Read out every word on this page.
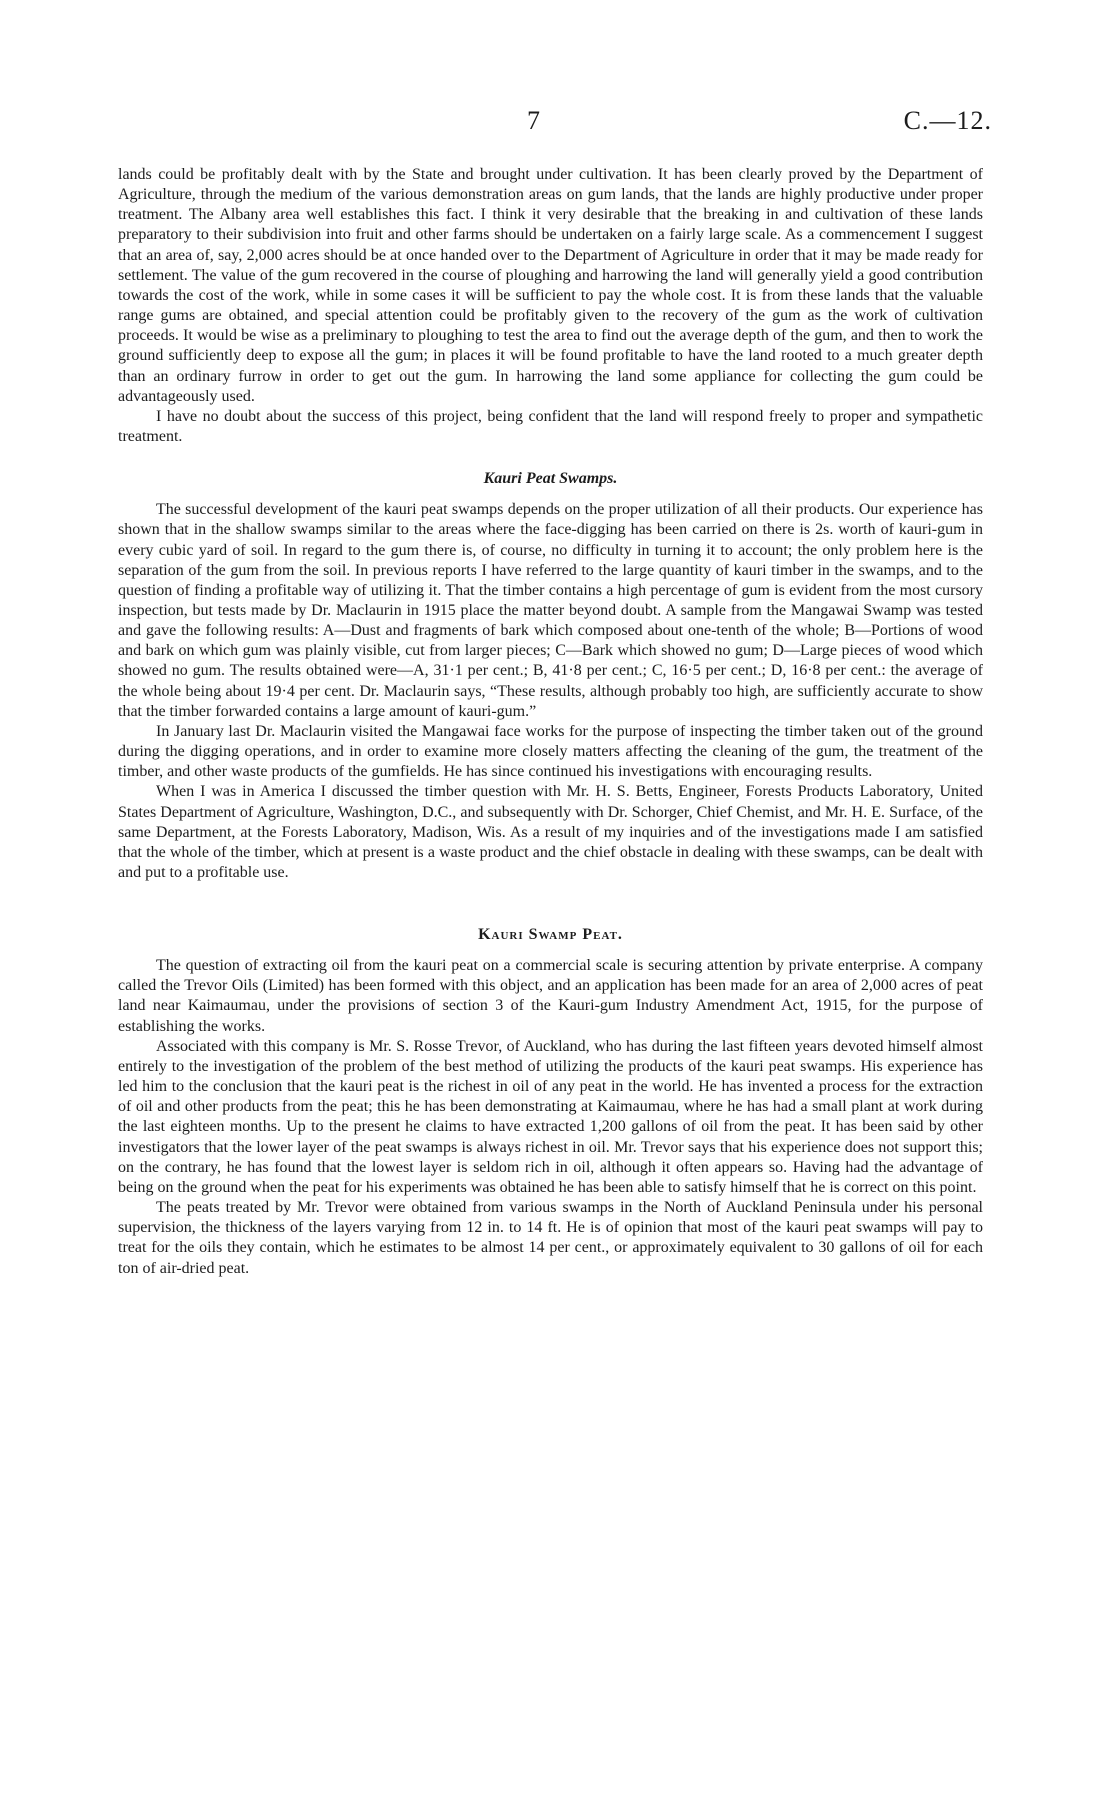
7	C.—12.

lands could be profitably dealt with by the State and brought under cultivation. It has been clearly proved by the Department of Agriculture, through the medium of the various demonstration areas on gum lands, that the lands are highly productive under proper treatment. The Albany area well establishes this fact. I think it very desirable that the breaking in and cultivation of these lands preparatory to their subdivision into fruit and other farms should be undertaken on a fairly large scale. As a commencement I suggest that an area of, say, 2,000 acres should be at once handed over to the Department of Agriculture in order that it may be made ready for settlement. The value of the gum recovered in the course of ploughing and harrowing the land will generally yield a good contribution towards the cost of the work, while in some cases it will be sufficient to pay the whole cost. It is from these lands that the valuable range gums are obtained, and special attention could be profitably given to the recovery of the gum as the work of cultivation proceeds. It would be wise as a preliminary to ploughing to test the area to find out the average depth of the gum, and then to work the ground sufficiently deep to expose all the gum; in places it will be found profitable to have the land rooted to a much greater depth than an ordinary furrow in order to get out the gum. In harrowing the land some appliance for collecting the gum could be advantageously used.

I have no doubt about the success of this project, being confident that the land will respond freely to proper and sympathetic treatment.

Kauri Peat Swamps.

The successful development of the kauri peat swamps depends on the proper utilization of all their products. Our experience has shown that in the shallow swamps similar to the areas where the face-digging has been carried on there is 2s. worth of kauri-gum in every cubic yard of soil. In regard to the gum there is, of course, no difficulty in turning it to account; the only problem here is the separation of the gum from the soil. In previous reports I have referred to the large quantity of kauri timber in the swamps, and to the question of finding a profitable way of utilizing it. That the timber contains a high percentage of gum is evident from the most cursory inspection, but tests made by Dr. Maclaurin in 1915 place the matter beyond doubt. A sample from the Mangawai Swamp was tested and gave the following results: A—Dust and fragments of bark which composed about one-tenth of the whole; B—Portions of wood and bark on which gum was plainly visible, cut from larger pieces; C—Bark which showed no gum; D—Large pieces of wood which showed no gum. The results obtained were—A, 31·1 per cent.; B, 41·8 per cent.; C, 16·5 per cent.; D, 16·8 per cent.: the average of the whole being about 19·4 per cent. Dr. Maclaurin says, “These results, although probably too high, are sufficiently accurate to show that the timber forwarded contains a large amount of kauri-gum.”

In January last Dr. Maclaurin visited the Mangawai face works for the purpose of inspecting the timber taken out of the ground during the digging operations, and in order to examine more closely matters affecting the cleaning of the gum, the treatment of the timber, and other waste products of the gumfields. He has since continued his investigations with encouraging results.

When I was in America I discussed the timber question with Mr. H. S. Betts, Engineer, Forests Products Laboratory, United States Department of Agriculture, Washington, D.C., and subsequently with Dr. Schorger, Chief Chemist, and Mr. H. E. Surface, of the same Department, at the Forests Laboratory, Madison, Wis. As a result of my inquiries and of the investigations made I am satisfied that the whole of the timber, which at present is a waste product and the chief obstacle in dealing with these swamps, can be dealt with and put to a profitable use.

Kauri Swamp Peat.

The question of extracting oil from the kauri peat on a commercial scale is securing attention by private enterprise. A company called the Trevor Oils (Limited) has been formed with this object, and an application has been made for an area of 2,000 acres of peat land near Kaimaumau, under the provisions of section 3 of the Kauri-gum Industry Amendment Act, 1915, for the purpose of establishing the works.

Associated with this company is Mr. S. Rosse Trevor, of Auckland, who has during the last fifteen years devoted himself almost entirely to the investigation of the problem of the best method of utilizing the products of the kauri peat swamps. His experience has led him to the conclusion that the kauri peat is the richest in oil of any peat in the world. He has invented a process for the extraction of oil and other products from the peat; this he has been demonstrating at Kaimaumau, where he has had a small plant at work during the last eighteen months. Up to the present he claims to have extracted 1,200 gallons of oil from the peat. It has been said by other investigators that the lower layer of the peat swamps is always richest in oil. Mr. Trevor says that his experience does not support this; on the contrary, he has found that the lowest layer is seldom rich in oil, although it often appears so. Having had the advantage of being on the ground when the peat for his experiments was obtained he has been able to satisfy himself that he is correct on this point.

The peats treated by Mr. Trevor were obtained from various swamps in the North of Auckland Peninsula under his personal supervision, the thickness of the layers varying from 12 in. to 14 ft. He is of opinion that most of the kauri peat swamps will pay to treat for the oils they contain, which he estimates to be almost 14 per cent., or approximately equivalent to 30 gallons of oil for each ton of air-dried peat.
